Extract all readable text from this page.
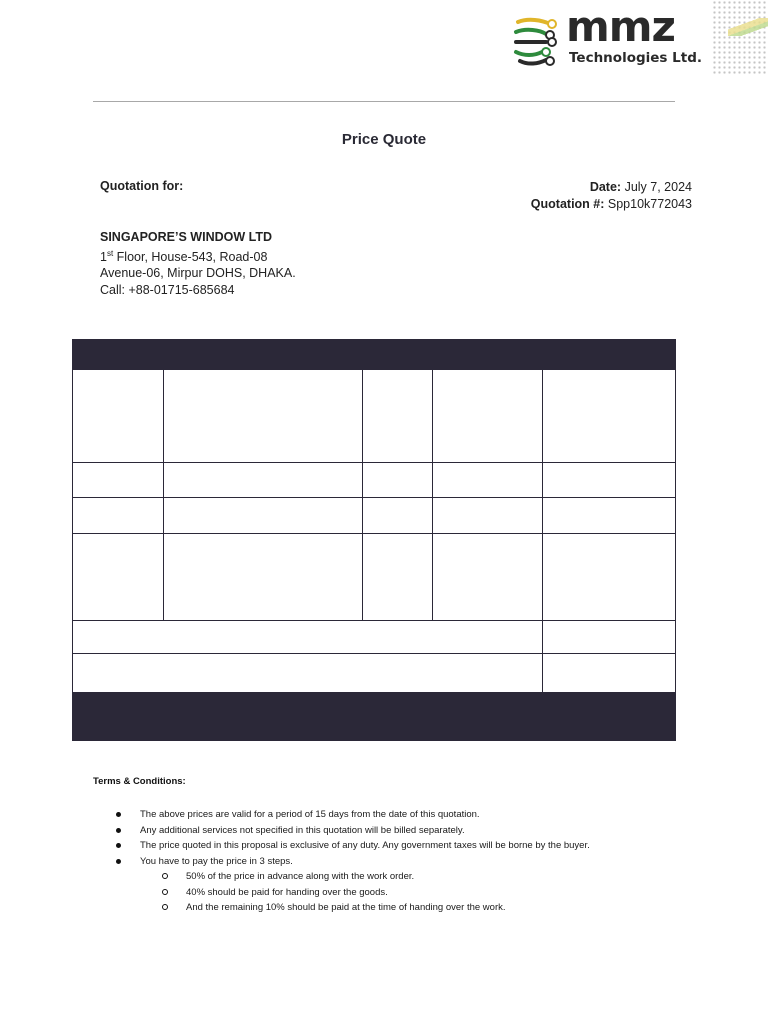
mmz
Technologies Ltd.
Price Quote
Quotation for:	Date: July 7, 2024
Quotation #: Spp10k772043
SINGAPORE’S WINDOW LTD
1st Floor, House-543, Road-08
Avenue-06, Mirpur DOHS, DHAKA.
Call: +88-01715-685684
Terms & Conditions:
The above prices are valid for a period of 15 days from the date of this quotation.
Any additional services not specified in this quotation will be billed separately.
The price quoted in this proposal is exclusive of any duty. Any government taxes will be borne by the buyer.
You have to pay the price in 3 steps.
50% of the price in advance along with the work order.
40% should be paid for handing over the goods.
And the remaining 10% should be paid at the time of handing over the work.
